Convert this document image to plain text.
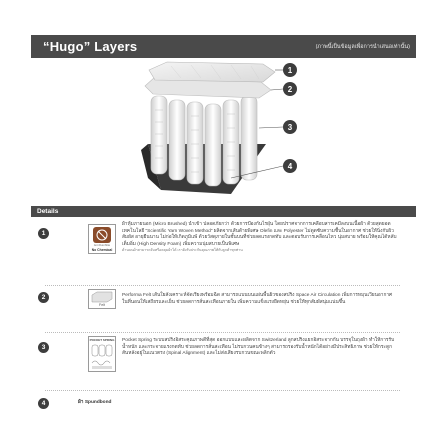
“Hugo” Layers	(ภาพนี้เป็นข้อมูลเพื่อการนำเสนอเท่านั้น)
1
2
3
4
Details
1
Anti Dust Mite
No Chemical
ผ้าหุ้มภายนอก (Micro Brushed) นำเข้า ปลอดภัยกว่า ด้วยการป้องกันไรฝุ่น โดยปราศจากการเคลือบสารเคมีลงบนเนื้อผ้า ด้วยสุดยอดเทคโนโลยี “Scientific Yarn Woven Method” ผลิตจากเส้นด้ายพิเศษ Olefin และ Polyester ไม่ดูดซับความชื้นในอากาศ ช่วยให้นิ่งกับผิวสัมผัส อายุยืนนาน ไม่ก่อให้เกิดภูมิแพ้ ด้วยวัสดุภายในชั้นบนที่ช่วยลดแรงกดทับ และตอบรับการเคลื่อนไหว นุ่มสบาย พร้อมให้คุณได้หลับเต็มอิ่ม (High Density Foam) เพิ่มความนุ่มสบายเป็นพิเศษ
ด้านบนผ้าสามารถจับหรือคลุมผ้าได้ เรายังรับประกันคุณภาพให้กับลูกค้าทุกท่าน
2
Felt
Performa Felt เส้นใยสังเคราะห์จัดเรียงพร้อมฉีด สามารถแบนบนแผ่นพื้นผิวของสปริง Space Air Circulation เพิ่มการหมุนเวียนอากาศในที่นอนให้เสถียรและเย็น ช่วยลดการสั่นสะเทือนภายใน เพิ่มความแข็งแรงยืดหยุ่น ช่วยให้ทุกสัมผัสนุ่มแน่นขึ้น
3
POCKET SPRING Pocket Spring ระบบสปริงอิสระคุณภาพดีที่สุด ออกแบบและผลิตจาก Switzerland ลูกสปริงแยกอิสระจากกัน บรรจุในถุงผ้า ทำให้การรับน้ำหนัก และกระจายแรงกดทับ ช่วยลดการสั่นสะเทือน ไม่รบกวนคนข้างๆ สามารถรองรับน้ำหนักได้อย่างมีประสิทธิภาพ ช่วยให้กระดูกสันหลังอยู่ในแนวตรง (Spinal Alignment) และไม่ส่งเสียงรบกวนขณะพลิกตัว
4	ผ้า Spundbond
